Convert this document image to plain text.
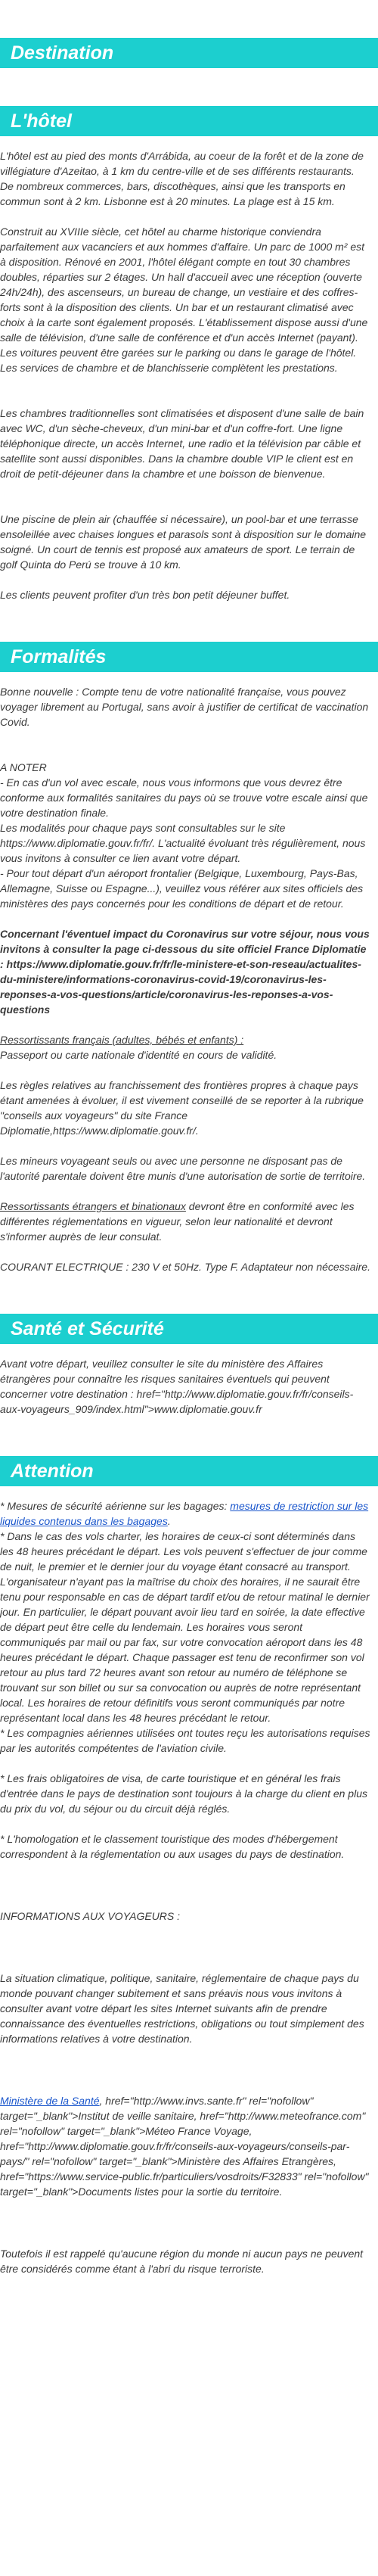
Destination
L'hôtel

L'hôtel est au pied des monts d'Arrábida, au coeur de la forêt et de la zone de villégiature d'Azeitao, à 1 km du centre-ville et de ses différents restaurants. De nombreux commerces, bars, discothèques, ainsi que les transports en commun sont à 2 km. Lisbonne est à 20 minutes. La plage est à 15 km.

Construit au XVIIIe siècle, cet hôtel au charme historique conviendra parfaitement aux vacanciers et aux hommes d'affaire. Un parc de 1000 m² est à disposition. Rénové en 2001, l'hôtel élégant compte en tout 30 chambres doubles, réparties sur 2 étages. Un hall d'accueil avec une réception (ouverte 24h/24h), des ascenseurs, un bureau de change, un vestiaire et des coffres-forts sont à la disposition des clients. Un bar et un restaurant climatisé avec choix à la carte sont également proposés. L'établissement dispose aussi d'une salle de télévision, d'une salle de conférence et d'un accès Internet (payant). Les voitures peuvent être garées sur le parking ou dans le garage de l'hôtel. Les services de chambre et de blanchisserie complètent les prestations.

Les chambres traditionnelles sont climatisées et disposent d'une salle de bain avec WC, d'un sèche-cheveux, d'un mini-bar et d'un coffre-fort. Une ligne téléphonique directe, un accès Internet, une radio et la télévision par câble et satellite sont aussi disponibles. Dans la chambre double VIP le client est en droit de petit-déjeuner dans la chambre et une boisson de bienvenue.

Une piscine de plein air (chauffée si nécessaire), un pool-bar et une terrasse ensoleillée avec chaises longues et parasols sont à disposition sur le domaine soigné. Un court de tennis est proposé aux amateurs de sport. Le terrain de golf Quinta do Perú se trouve à 10 km.

Les clients peuvent profiter d'un très bon petit déjeuner buffet.

Formalités

Bonne nouvelle : Compte tenu de votre nationalité française, vous pouvez voyager librement au Portugal, sans avoir à justifier de certificat de vaccination Covid.

A NOTER

- En cas d'un vol avec escale, nous vous informons que vous devrez être conforme aux formalités sanitaires du pays où se trouve votre escale ainsi que votre destination finale.

Les modalités pour chaque pays sont consultables sur le site https://www.diplomatie.gouv.fr/fr/. L'actualité évoluant très régulièrement, nous vous invitons à consulter ce lien avant votre départ.

- Pour tout départ d'un aéroport frontalier (Belgique, Luxembourg, Pays-Bas, Allemagne, Suisse ou Espagne...), veuillez vous référer aux sites officiels des ministères des pays concernés pour les conditions de départ et de retour.

Concernant l'éventuel impact du Coronavirus sur votre séjour, nous vous invitons à consulter la page ci-dessous du site officiel France Diplomatie : https://www.diplomatie.gouv.fr/fr/le-ministere-et-son-reseau/actualites-du-ministere/informations-coronavirus-covid-19/coronavirus-les-reponses-a-vos-questions/article/coronavirus-les-reponses-a-vos-questions

Ressortissants français (adultes, bébés et enfants) :
Passeport ou carte nationale d'identité en cours de validité.

Les règles relatives au franchissement des frontières propres à chaque pays étant amenées à évoluer, il est vivement conseillé de se reporter à la rubrique "conseils aux voyageurs" du site France Diplomatie,https://www.diplomatie.gouv.fr/.

Les mineurs voyageant seuls ou avec une personne ne disposant pas de l'autorité parentale doivent être munis d'une autorisation de sortie de territoire.

Ressortissants étrangers et binationaux devront être en conformité avec les différentes réglementations en vigueur, selon leur nationalité et devront s'informer auprès de leur consulat.

COURANT ELECTRIQUE : 230 V et 50Hz. Type F. Adaptateur non nécessaire.

Santé et Sécurité

Avant votre départ, veuillez consulter le site du ministère des Affaires étrangères pour connaître les risques sanitaires éventuels qui peuvent concerner votre destination : href="http://www.diplomatie.gouv.fr/fr/conseils-aux-voyageurs_909/index.html">www.diplomatie.gouv.fr

Attention

* Mesures de sécurité aérienne sur les bagages: mesures de restriction sur les liquides contenus dans les bagages.

* Dans le cas des vols charter, les horaires de ceux-ci sont déterminés dans les 48 heures précédant le départ. Les vols peuvent s'effectuer de jour comme de nuit, le premier et le dernier jour du voyage étant consacré au transport. L'organisateur n'ayant pas la maîtrise du choix des horaires, il ne saurait être tenu pour responsable en cas de départ tardif et/ou de retour matinal le dernier jour. En particulier, le départ pouvant avoir lieu tard en soirée, la date effective de départ peut être celle du lendemain. Les horaires vous seront communiqués par mail ou par fax, sur votre convocation aéroport dans les 48 heures précédant le départ. Chaque passager est tenu de reconfirmer son vol retour au plus tard 72 heures avant son retour au numéro de téléphone se trouvant sur son billet ou sur sa convocation ou auprès de notre représentant local. Les horaires de retour définitifs vous seront communiqués par notre représentant local dans les 48 heures précédant le retour.

* Les compagnies aériennes utilisées ont toutes reçu les autorisations requises par les autorités compétentes de l'aviation civile.

* Les frais obligatoires de visa, de carte touristique et en général les frais d'entrée dans le pays de destination sont toujours à la charge du client en plus du prix du vol, du séjour ou du circuit déjà réglés.

* L'homologation et le classement touristique des modes d'hébergement correspondent à la réglementation ou aux usages du pays de destination.

INFORMATIONS AUX VOYAGEURS :

La situation climatique, politique, sanitaire, réglementaire de chaque pays du monde pouvant changer subitement et sans préavis nous vous invitons à consulter avant votre départ les sites Internet suivants afin de prendre connaissance des éventuelles restrictions, obligations ou tout simplement des informations relatives à votre destination.

Ministère de la Santé, href="http://www.invs.sante.fr" rel="nofollow" target="_blank">Institut de veille sanitaire, href="http://www.meteofrance.com" rel="nofollow" target="_blank">Méteo France Voyage, href="http://www.diplomatie.gouv.fr/fr/conseils-aux-voyageurs/conseils-par-pays/" rel="nofollow" target="_blank">Ministère des Affaires Etrangères, href="https://www.service-public.fr/particuliers/vosdroits/F32833" rel="nofollow" target="_blank">Documents listes pour la sortie du territoire.

Toutefois il est rappelé qu'aucune région du monde ni aucun pays ne peuvent être considérés comme étant à l'abri du risque terroriste.
